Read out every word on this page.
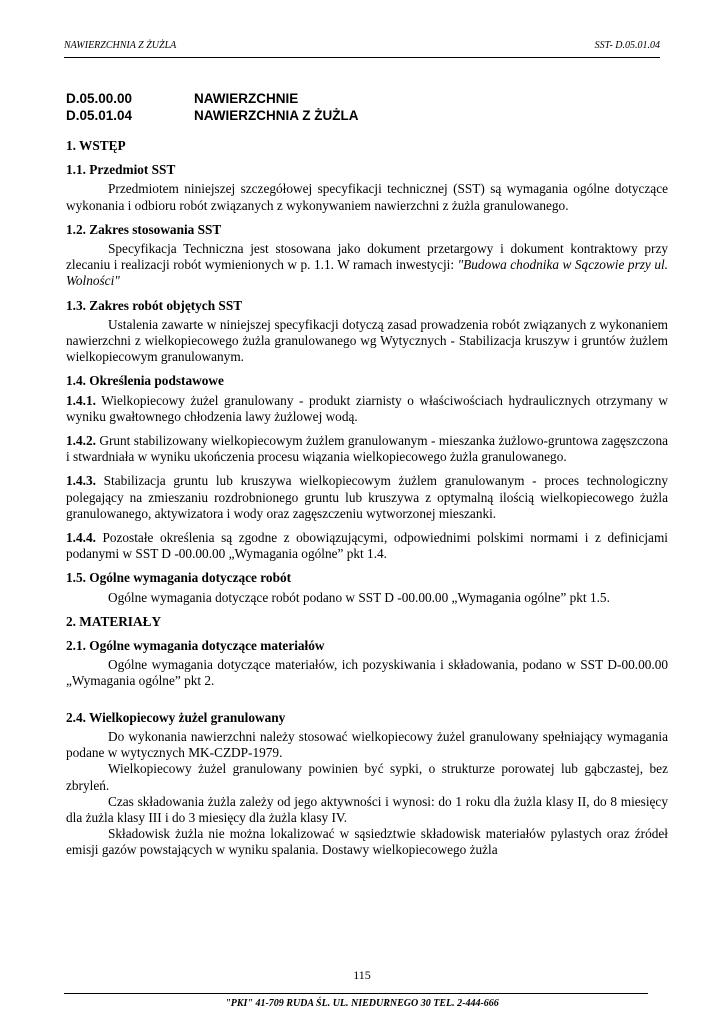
NAWIERZCHNIA Z ŻUŻLA	SST- D.05.01.04
D.05.00.00	NAWIERZCHNIE
D.05.01.04	NAWIERZCHNIA Z ŻUŻLA
1. WSTĘP
1.1. Przedmiot SST

Przedmiotem niniejszej szczegółowej specyfikacji technicznej (SST) są wymagania ogólne dotyczące wykonania i odbioru robót związanych z wykonywaniem nawierzchni z żużla granulowanego.

1.2. Zakres stosowania SST

Specyfikacja Techniczna jest stosowana jako dokument przetargowy i dokument kontraktowy przy zlecaniu i realizacji robót wymienionych w p. 1.1. W ramach inwestycji: "Budowa chodnika w Sączowie przy ul. Wolności"

1.3. Zakres robót objętych SST

Ustalenia zawarte w niniejszej specyfikacji dotyczą zasad prowadzenia robót związanych z wykonaniem nawierzchni z wielkopiecowego żużla granulowanego wg Wytycznych - Stabilizacja kruszyw i gruntów żużlem wielkopiecowym granulowanym.

1.4. Określenia podstawowe

1.4.1. Wielkopiecowy żużel granulowany - produkt ziarnisty o właściwościach hydraulicznych otrzymany w wyniku gwałtownego chłodzenia lawy żużlowej wodą.

1.4.2. Grunt stabilizowany wielkopiecowym żużlem granulowanym - mieszanka żużlowo-gruntowa zagęszczona i stwardniała w wyniku ukończenia procesu wiązania wielkopiecowego żużla granulowanego.

1.4.3. Stabilizacja gruntu lub kruszywa wielkopiecowym żużlem granulowanym - proces technologiczny polegający na zmieszaniu rozdrobnionego gruntu lub kruszywa z optymalną ilością wielkopiecowego żużla granulowanego, aktywizatora i wody oraz zagęszczeniu wytworzonej mieszanki.

1.4.4. Pozostałe określenia są zgodne z obowiązującymi, odpowiednimi polskimi normami i z definicjami podanymi w SST D -00.00.00 „Wymagania ogólne” pkt 1.4.

1.5. Ogólne wymagania dotyczące robót

Ogólne wymagania dotyczące robót podano w SST D -00.00.00 „Wymagania ogólne” pkt 1.5.

2. MATERIAŁY
2.1. Ogólne wymagania dotyczące materiałów

Ogólne wymagania dotyczące materiałów, ich pozyskiwania i składowania, podano w SST D-00.00.00 „Wymagania ogólne” pkt 2.

2.4. Wielkopiecowy żużel granulowany

Do wykonania nawierzchni należy stosować wielkopiecowy żużel granulowany spełniający wymagania podane w wytycznych MK-CZDP-1979.

Wielkopiecowy żużel granulowany powinien być sypki, o strukturze porowatej lub gąbczastej, bez zbryleń.

Czas składowania żużla zależy od jego aktywności i wynosi: do 1 roku dla żużla klasy II, do 8 miesięcy dla żużla klasy III i do 3 miesięcy dla żużla klasy IV.

Składowisk żużla nie można lokalizować w sąsiedztwie składowisk materiałów pylastych oraz źródeł emisji gazów powstających w wyniku spalania. Dostawy wielkopiecowego żużla

115
"PKI" 41-709 RUDA ŚL. UL. NIEDURNEGO 30 TEL. 2-444-666
